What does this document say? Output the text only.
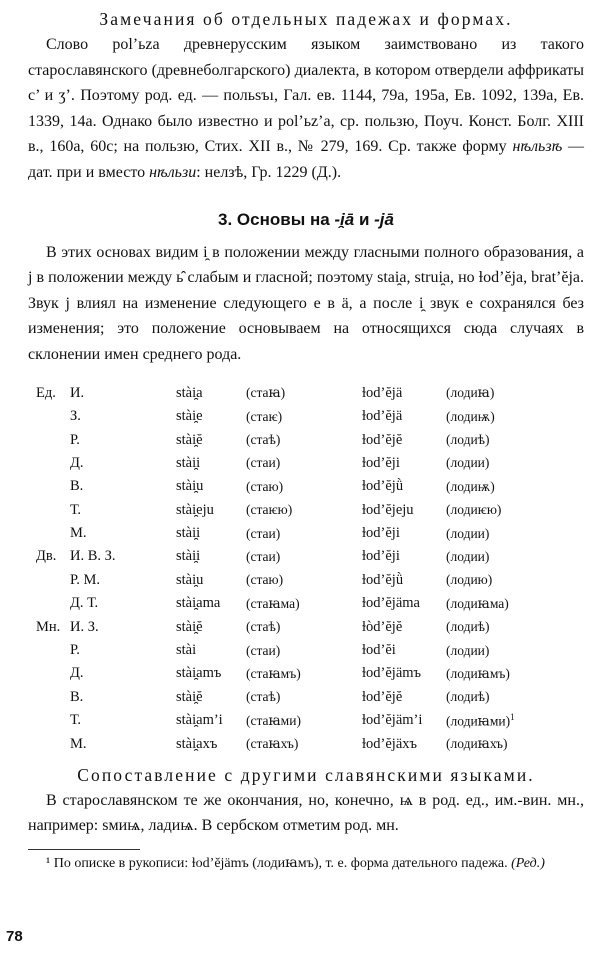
Замечания об отдельных падежах и формах.

Слово pol’ьza древнерусским языком заимствовано из такого старославянского (древнеболгарского) диалекта, в котором отвердели аффрикаты с’ и ʒ’. Поэтому род. ед. — польѕъı, Гал. ев. 1144, 79а, 195а, Ев. 1092, 139а, Ев. 1339, 14а. Однако было известно и pol’ьz’a, ср. пользю, Поуч. Конст. Болг. XIII в., 160а, 60с; на пользю, Стих. XII в., № 279, 169. Ср. также форму нѣльзѣ — дат. при и вместо нѣльзи: нелзѣ, Гр. 1229 (Д.).

3. Основы на -i̯ā и -jā

В этих основах видим i̯ в положении между гласными полного образования, а j в положении между ь̂ слабым и гласной; поэтому stai̯a, strui̯a, но ɫod’ĕja, brat’ĕja. Звук j влиял на изменение следующего е в ä, а после i̯ звук е сохранялся без изменения; это положение основываем на относящихся сюда случаях в склонении имен среднего рода.

Ед.	И.	stài̯a	(стаꙗ)	ɫod’ĕjä	(лодиꙗ)
	З.	stài̯e	(стаѥ)	ɫod’ĕjä	(лодиѭ)
	Р.	stài̯ĕ	(стаѣ)	ɫod’ĕjĕ	(лодиѣ)
	Д.	stài̯i	(стаи)	ɫod’ĕji	(лодии)
	В.	stài̯u	(стаю)	ɫod’ĕjǜ	(лодиѭ)
	Т.	stài̯eju	(стаѥю)	ɫod’ĕjeju	(лодиѥю)
	М.	stài̯i	(стаи)	ɫod’ĕji	(лодии)
Дв.	И. В. З.	stài̯i	(стаи)	ɫod’ĕji	(лодии)
	Р. М.	stài̯u	(стаю)	ɫod’ĕjǜ	(лодию)
	Д. Т.	stài̯ama	(стаꙗма)	ɫod’ĕjäma	(лодиꙗма)
Мн.	И. З.	stài̯ĕ	(стаѣ)	ɫòd’ĕjĕ	(лодиѣ)
	Р.	stài	(стаи)	ɫod’ĕi	(лодии)
	Д.	stài̯amъ	(стаꙗмъ)	ɫod’ĕjämъ	(лодиꙗмъ)
	В.	stài̯ĕ	(стаѣ)	ɫod’ĕjĕ	(лодиѣ)
	Т.	stài̯am’i	(стаꙗми)	ɫod’ĕjäm’i	(лодиꙗми)$^1$
	М.	stài̯axъ	(стаꙗхъ)	ɫod’ĕjäxъ	(лодиꙗхъ)

Сопоставление с другими славянскими языками.

В старославянском те же окончания, но, конечно, ѩ в род. ед., им.-вин. мн., например: ѕмиѩ, ладиѩ. В сербском отметим род. мн.

¹ По описке в рукописи: ɫod’ĕjämъ (лодиꙗмъ), т. е. форма дательного падежа. (Ред.)

78
